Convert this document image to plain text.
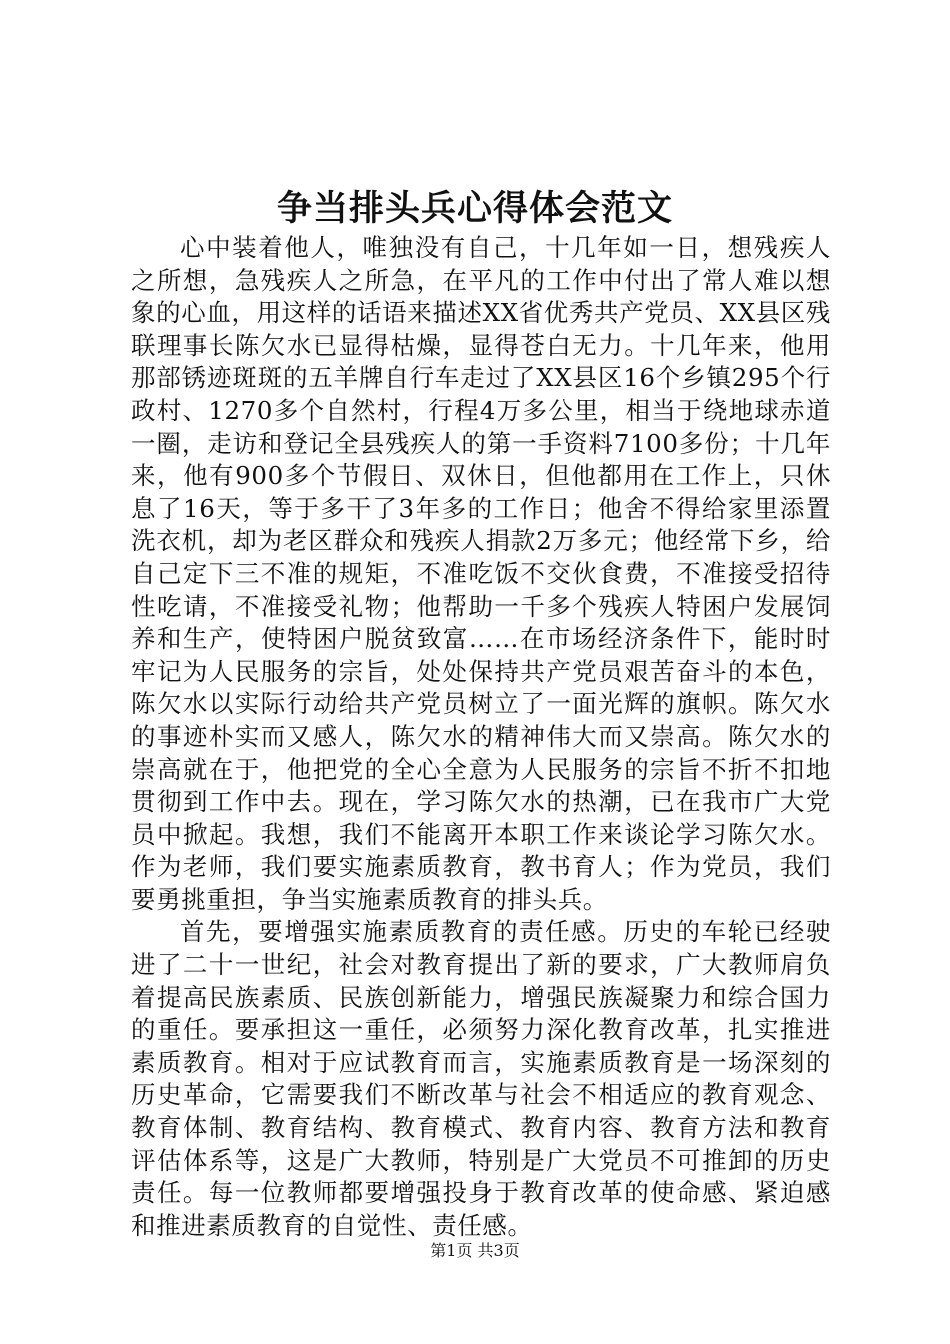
争当排头兵心得体会范文

心中装着他人，唯独没有自己，十几年如一日，想残疾人之所想，急残疾人之所急，在平凡的工作中付出了常人难以想象的心血，用这样的话语来描述XX省优秀共产党员、XX县区残联理事长陈欠水已显得枯燥，显得苍白无力。十几年来，他用那部锈迹斑斑的五羊牌自行车走过了XX县区16个乡镇295个行政村、1270多个自然村，行程4万多公里，相当于绕地球赤道一圈，走访和登记全县残疾人的第一手资料7100多份；十几年来，他有900多个节假日、双休日，但他都用在工作上，只休息了16天，等于多干了3年多的工作日；他舍不得给家里添置洗衣机，却为老区群众和残疾人捐款2万多元；他经常下乡，给自己定下三不准的规矩，不准吃饭不交伙食费，不准接受招待性吃请，不准接受礼物；他帮助一千多个残疾人特困户发展饲养和生产，使特困户脱贫致富……在市场经济条件下，能时时牢记为人民服务的宗旨，处处保持共产党员艰苦奋斗的本色，陈欠水以实际行动给共产党员树立了一面光辉的旗帜。陈欠水的事迹朴实而又感人，陈欠水的精神伟大而又崇高。陈欠水的崇高就在于，他把党的全心全意为人民服务的宗旨不折不扣地贯彻到工作中去。现在，学习陈欠水的热潮，已在我市广大党员中掀起。我想，我们不能离开本职工作来谈论学习陈欠水。作为老师，我们要实施素质教育，教书育人；作为党员，我们要勇挑重担，争当实施素质教育的排头兵。

首先，要增强实施素质教育的责任感。历史的车轮已经驶进了二十一世纪，社会对教育提出了新的要求，广大教师肩负着提高民族素质、民族创新能力，增强民族凝聚力和综合国力的重任。要承担这一重任，必须努力深化教育改革，扎实推进素质教育。相对于应试教育而言，实施素质教育是一场深刻的历史革命，它需要我们不断改革与社会不相适应的教育观念、教育体制、教育结构、教育模式、教育内容、教育方法和教育评估体系等，这是广大教师，特别是广大党员不可推卸的历史责任。每一位教师都要增强投身于教育改革的使命感、紧迫感和推进素质教育的自觉性、责任感。

第1页 共3页
